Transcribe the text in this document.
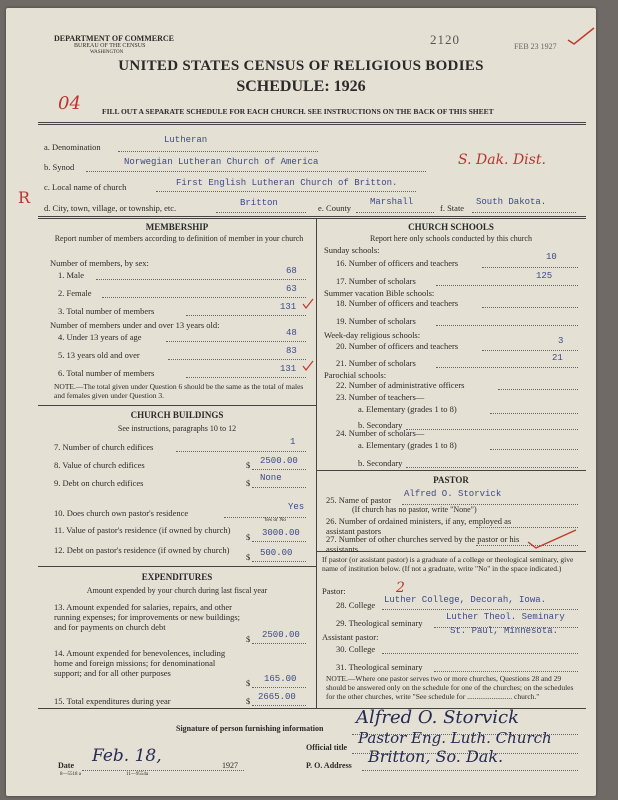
DEPARTMENT OF COMMERCE
BUREAU OF THE CENSUS
WASHINGTON
2120	FEB 23 1927
UNITED STATES CENSUS OF RELIGIOUS BODIES
SCHEDULE: 1926
04	FILL OUT A SEPARATE SCHEDULE FOR EACH CHURCH. SEE INSTRUCTIONS ON THE BACK OF THIS SHEET
a. Denomination
Lutheran
b. Synod	Norwegian Lutheran Church of America	S. Dak. Dist.
R
c. Local name of church	First English Lutheran Church of Britton.
d. City, town, village, or township, etc.	Britton	e. County
Marshall
f. State
South Dakota.
MEMBERSHIP
Report number of members according to definition of member in your church
Number of members, by sex:
1. Male	68
2. Female	63
3. Total number of members	131
Number of members under and over 13 years old:
4. Under 13 years of age	48
5. 13 years old and over	83
6. Total number of members	131
NOTE.—The total given under Question 6 should be the same as the total of males and females given under Question 3.
CHURCH BUILDINGS
See instructions, paragraphs 10 to 12
7. Number of church edifices	1
8. Value of church edifices	$ 2500.00
9. Debt on church edifices	$ None
10. Does church own pastor's residence
Yes
Yes or No
11. Value of pastor's residence (if owned by church)
$ 3000.00
12. Debt on pastor's residence (if owned by church)
$ 500.00
EXPENDITURES
Amount expended by your church during last fiscal year
13. Amount expended for salaries, repairs, and other running expenses; for improvements or new buildings; and for payments on church debt
$ 2500.00
14. Amount expended for benevolences, including home and foreign missions; for denominational support; and for all other purposes
$ 165.00
15. Total expenditures during year	$ 2665.00
CHURCH SCHOOLS
Report here only schools conducted by this church
Sunday schools:
16. Number of officers and teachers
10
17. Number of scholars	125
Summer vacation Bible schools:
18. Number of officers and teachers
19. Number of scholars
Week-day religious schools:
20. Number of officers and teachers	3
21. Number of scholars	21
Parochial schools:
22. Number of administrative officers
23. Number of teachers—
a. Elementary (grades 1 to 8)
b. Secondary
24. Number of scholars—
a. Elementary (grades 1 to 8)
b. Secondary
PASTOR
25. Name of pastor
Alfred O. Storvick
(If church has no pastor, write "None")
26. Number of ordained ministers, if any, employed as assistant pastors
27. Number of other churches served by the pastor or his assistants
If pastor (or assistant pastor) is a graduate of a college or theological seminary, give name of institution below. (If not a graduate, write "No" in the space indicated.)
Pastor:	2
28. College Luther College, Decorah, Iowa.
29. Theological seminary
Luther Theol. Seminary
St. Paul, Minnesota.
Assistant pastor:
30. College
31. Theological seminary
NOTE.—Where one pastor serves two or more churches, Questions 28 and 29 should be answered only on the schedule for one of the churches; on the schedules for the other churches, write "See schedule for ........................ church."
Signature of person furnishing information
Alfred O. Storvick
Official title
Pastor Eng. Luth. Church
Date Feb. 18,	1927	P. O. Address Britton, So. Dak.
8—5518 a	11—9554a
